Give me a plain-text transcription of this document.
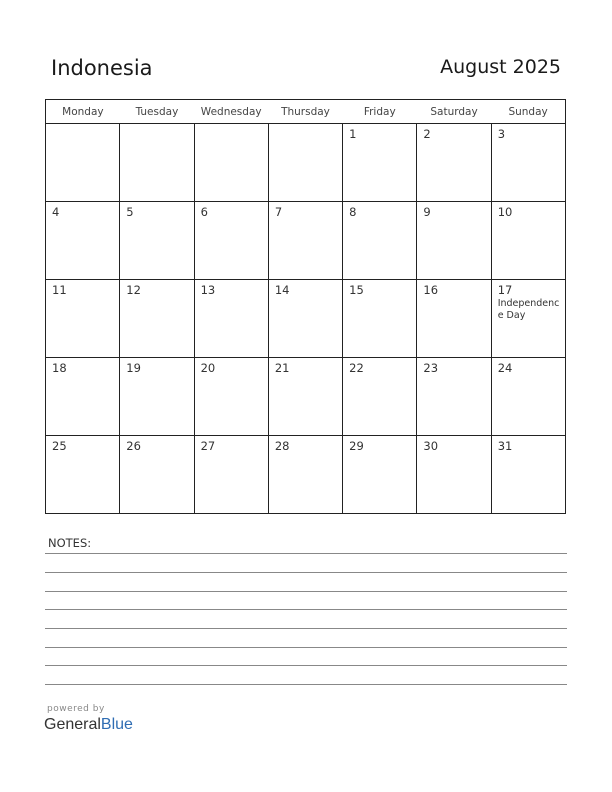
Indonesia	August 2025
Monday	Tuesday	Wednesday	Thursday	Friday	Saturday	Sunday

				1	2	3

4	5	6	7	8	9	10

11	12	13	14	15	16	17
Independence Day

18	19	20	21	22	23	24

25	26	27	28	29	30	31
NOTES:
powered by
GeneralBlue
